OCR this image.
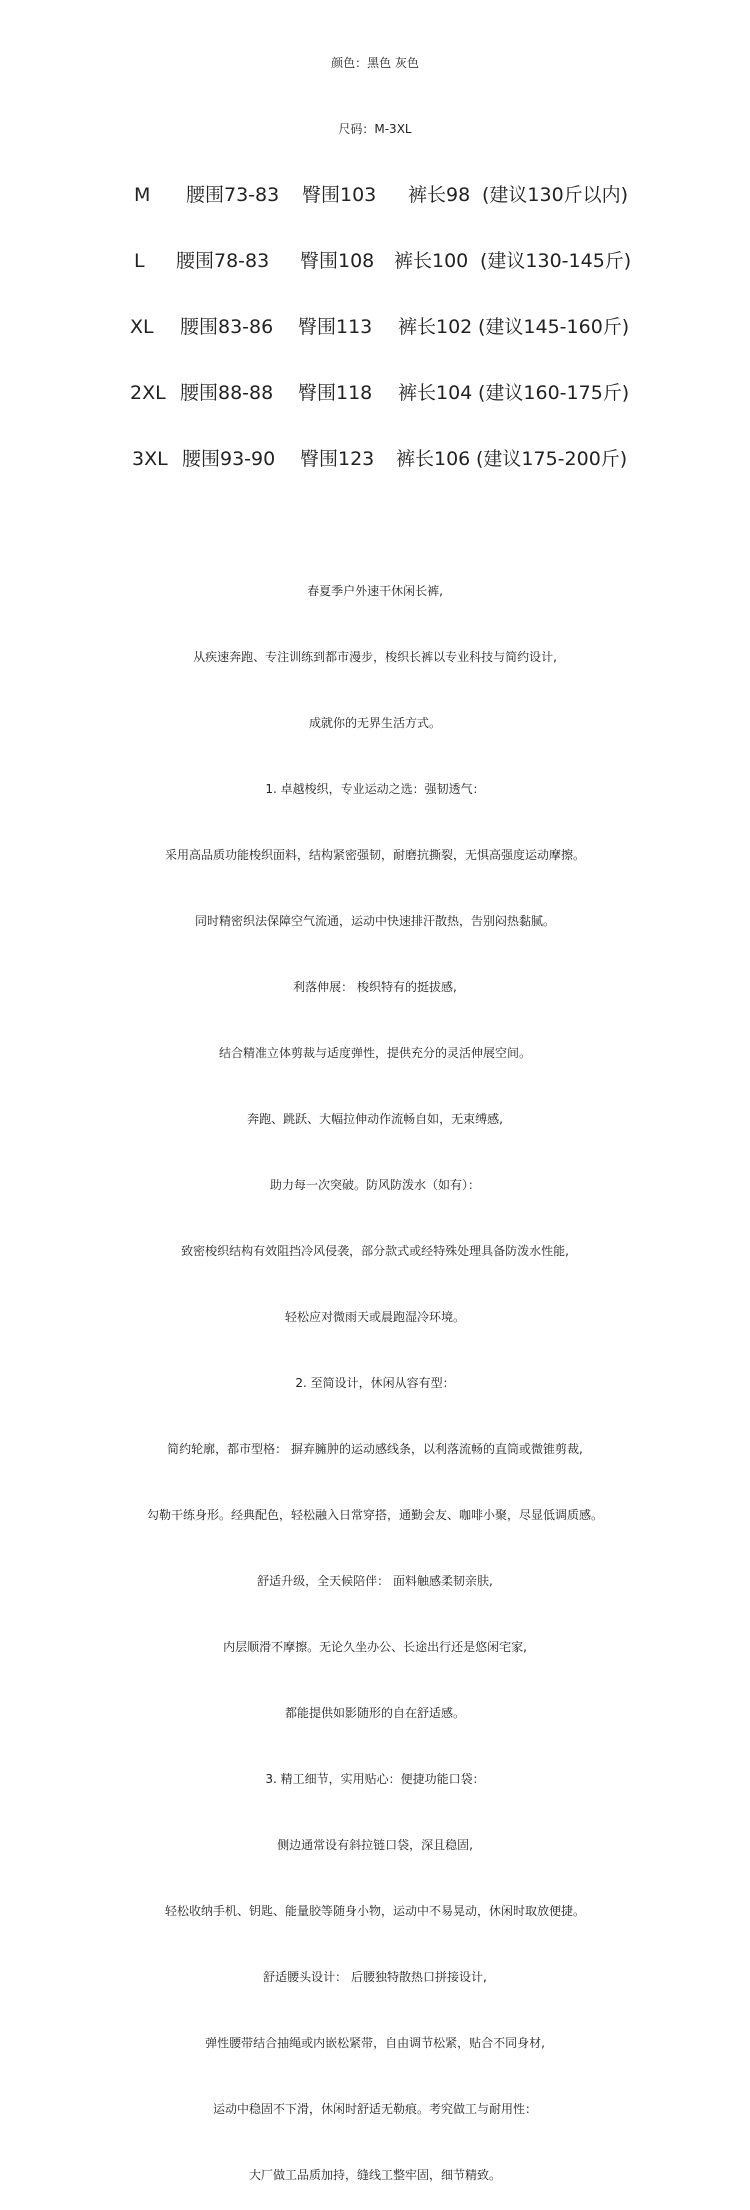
颜色：黑色 灰色
尺码：M-3XL
M 腰围73-83 臀围103 裤长98 (建议130斤以内)
L 腰围78-83 臀围108 裤长100 (建议130-145斤)
XL 腰围83-86 臀围113 裤长102 (建议145-160斤)
2XL 腰围88-88 臀围118 裤长104 (建议160-175斤)
3XL 腰围93-90 臀围123 裤长106 (建议175-200斤)
春夏季户外速干休闲长裤,
从疾速奔跑、专注训练到都市漫步，梭织长裤以专业科技与简约设计,
成就你的无界生活方式。
1. 卓越梭织，专业运动之选：强韧透气：
采用高品质功能梭织面料，结构紧密强韧，耐磨抗撕裂，无惧高强度运动摩擦。
同时精密织法保障空气流通，运动中快速排汗散热，告别闷热黏腻。
利落伸展： 梭织特有的挺拔感,
结合精准立体剪裁与适度弹性，提供充分的灵活伸展空间。
奔跑、跳跃、大幅拉伸动作流畅自如，无束缚感,
助力每一次突破。防风防泼水（如有）：
致密梭织结构有效阻挡冷风侵袭，部分款式或经特殊处理具备防泼水性能,
轻松应对微雨天或晨跑湿冷环境。
2. 至简设计，休闲从容有型：
简约轮廓，都市型格： 摒弃臃肿的运动感线条，以利落流畅的直筒或微锥剪裁,
勾勒干练身形。经典配色，轻松融入日常穿搭，通勤会友、咖啡小聚，尽显低调质感。
舒适升级，全天候陪伴： 面料触感柔韧亲肤,
内层顺滑不摩擦。无论久坐办公、长途出行还是悠闲宅家,
都能提供如影随形的自在舒适感。
3. 精工细节，实用贴心：便捷功能口袋：
侧边通常设有斜拉链口袋，深且稳固,
轻松收纳手机、钥匙、能量胶等随身小物，运动中不易晃动，休闲时取放便捷。
舒适腰头设计： 后腰独特散热口拼接设计,
弹性腰带结合抽绳或内嵌松紧带，自由调节松紧，贴合不同身材,
运动中稳固不下滑，休闲时舒适无勒痕。考究做工与耐用性：
大厂做工品质加持，缝线工整牢固，细节精致。
